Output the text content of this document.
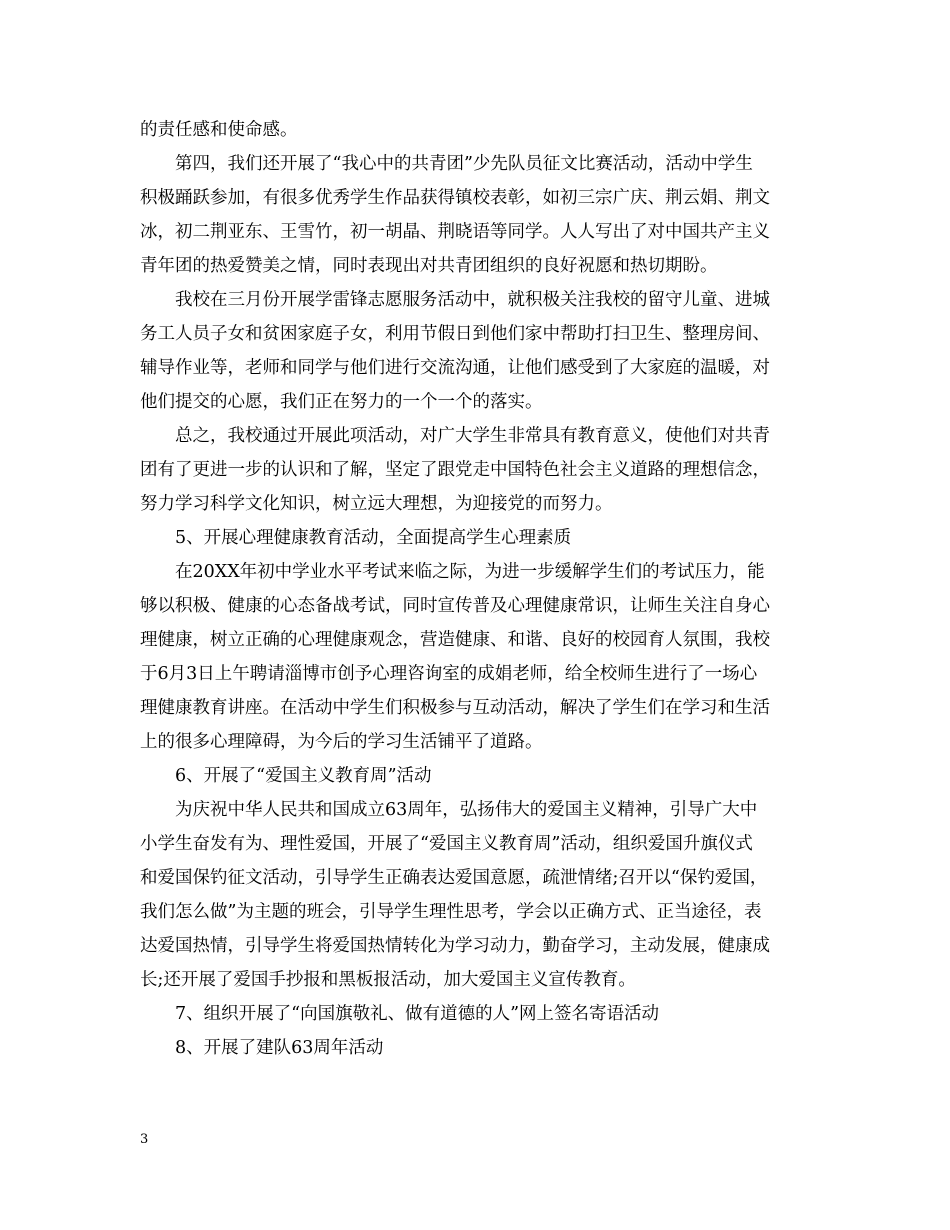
的责任感和使命感。
　　第四，我们还开展了“我心中的共青团”少先队员征文比赛活动，活动中学生
积极踊跃参加，有很多优秀学生作品获得镇校表彰，如初三宗广庆、荆云娟、荆文
冰，初二荆亚东、王雪竹，初一胡晶、荆晓语等同学。人人写出了对中国共产主义
青年团的热爱赞美之情，同时表现出对共青团组织的良好祝愿和热切期盼。
　　我校在三月份开展学雷锋志愿服务活动中，就积极关注我校的留守儿童、进城
务工人员子女和贫困家庭子女，利用节假日到他们家中帮助打扫卫生、整理房间、
辅导作业等，老师和同学与他们进行交流沟通，让他们感受到了大家庭的温暖，对
他们提交的心愿，我们正在努力的一个一个的落实。
　　总之，我校通过开展此项活动，对广大学生非常具有教育意义，使他们对共青
团有了更进一步的认识和了解，坚定了跟党走中国特色社会主义道路的理想信念，
努力学习科学文化知识，树立远大理想，为迎接党的而努力。
　　5、开展心理健康教育活动，全面提高学生心理素质
　　在20XX年初中学业水平考试来临之际，为进一步缓解学生们的考试压力，能
够以积极、健康的心态备战考试，同时宣传普及心理健康常识，让师生关注自身心
理健康，树立正确的心理健康观念，营造健康、和谐、良好的校园育人氛围，我校
于6月3日上午聘请淄博市创予心理咨询室的成娟老师，给全校师生进行了一场心
理健康教育讲座。在活动中学生们积极参与互动活动，解决了学生们在学习和生活
上的很多心理障碍，为今后的学习生活铺平了道路。
　　6、开展了“爱国主义教育周”活动
　　为庆祝中华人民共和国成立63周年，弘扬伟大的爱国主义精神，引导广大中
小学生奋发有为、理性爱国，开展了“爱国主义教育周”活动，组织爱国升旗仪式
和爱国保钓征文活动，引导学生正确表达爱国意愿，疏泄情绪;召开以“保钓爱国，
我们怎么做”为主题的班会，引导学生理性思考，学会以正确方式、正当途径，表
达爱国热情，引导学生将爱国热情转化为学习动力，勤奋学习，主动发展，健康成
长;还开展了爱国手抄报和黑板报活动，加大爱国主义宣传教育。
　　7、组织开展了“向国旗敬礼、做有道德的人”网上签名寄语活动
　　8、开展了建队63周年活动
3
